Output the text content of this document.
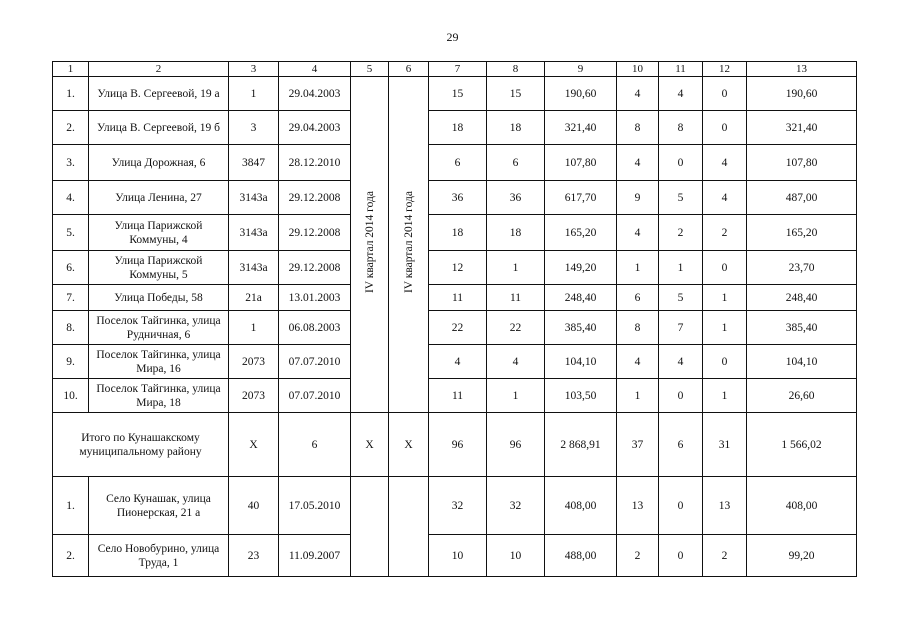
29
1	2	3	4	5	6	7	8	9	10	11	12	13
1.	Улица В. Сергеевой, 19 а	1	29.04.2003	IV квартал 2014 года	IV квартал 2014 года	15	15	190,60	4	4	0	190,60
2.	Улица В. Сергеевой, 19 б	3	29.04.2003			18	18	321,40	8	8	0	321,40
3.	Улица Дорожная, 6	3847	28.12.2010			6	6	107,80	4	0	4	107,80
4.	Улица Ленина, 27	3143а	29.12.2008			36	36	617,70	9	5	4	487,00
5.	Улица Парижской Коммуны, 4	3143а	29.12.2008			18	18	165,20	4	2	2	165,20
6.	Улица Парижской Коммуны, 5	3143а	29.12.2008			12	1	149,20	1	1	0	23,70
7.	Улица Победы, 58	21а	13.01.2003			11	11	248,40	6	5	1	248,40
8.	Поселок Тайгинка, улица Рудничная, 6	1	06.08.2003			22	22	385,40	8	7	1	385,40
9.	Поселок Тайгинка, улица Мира, 16	2073	07.07.2010			4	4	104,10	4	4	0	104,10
10.	Поселок Тайгинка, улица Мира, 18	2073	07.07.2010			11	1	103,50	1	0	1	26,60
Итого по Кунашакскому муниципальному району		Х	6	Х	Х	96	96	2 868,91	37	6	31	1 566,02
1.	Село Кунашак, улица Пионерская, 21 а	40	17.05.2010			32	32	408,00	13	0	13	408,00
2.	Село Новобурино, улица Труда, 1	23	11.09.2007			10	10	488,00	2	0	2	99,20
